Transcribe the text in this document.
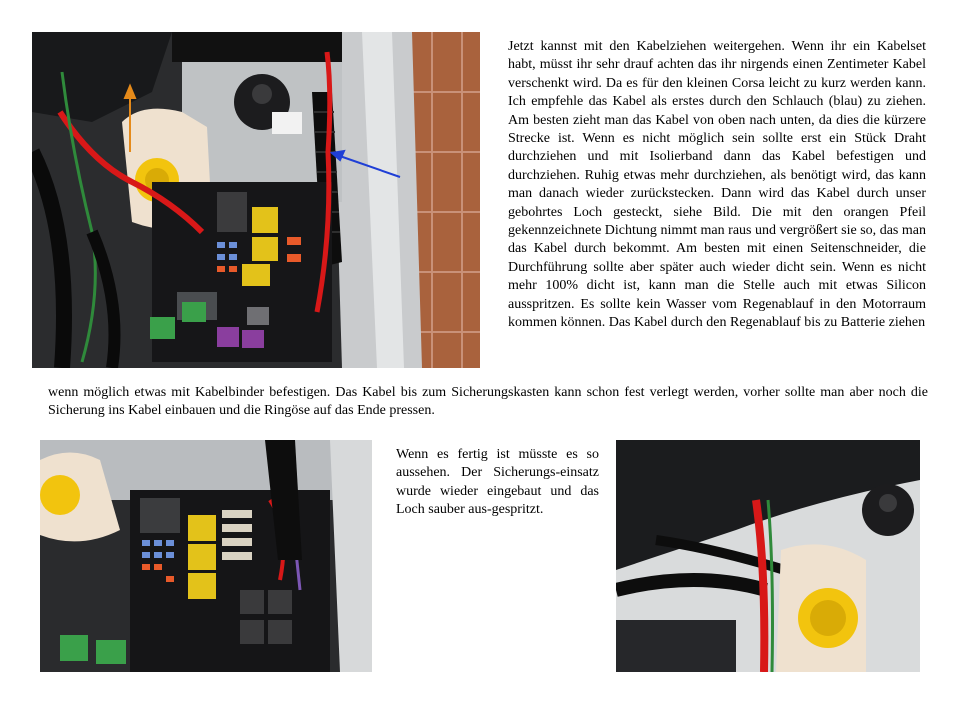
Jetzt kannst mit den Kabelziehen weitergehen. Wenn ihr ein Kabelset habt, müsst ihr sehr drauf achten das ihr nirgends einen Zentimeter Kabel verschenkt wird. Da es für den kleinen Corsa leicht zu kurz werden kann. Ich empfehle das Kabel als erstes durch den Schlauch (blau) zu ziehen. Am besten zieht man das Kabel von oben nach unten, da dies die kürzere Strecke ist. Wenn es nicht möglich sein sollte erst ein Stück Draht durchziehen und mit Isolierband dann das Kabel befestigen und durchziehen. Ruhig etwas mehr durchziehen, als benötigt wird, das kann man danach wieder zurückstecken. Dann wird das Kabel durch unser gebohrtes Loch gesteckt, siehe Bild. Die mit den orangen Pfeil gekennzeichnete Dichtung nimmt man raus und vergrößert sie so, das man das Kabel durch bekommt. Am besten mit einen Seitenschneider, die Durchführung sollte aber später auch wieder dicht sein. Wenn es nicht mehr 100% dicht ist, kann man die Stelle auch mit etwas Silicon ausspritzen. Es sollte kein Wasser vom Regenablauf in den Motorraum kommen können. Das Kabel durch den Regenablauf bis zu Batterie ziehen
wenn möglich etwas mit Kabelbinder befestigen. Das Kabel bis zum Sicherungskasten kann schon fest verlegt werden, vorher sollte man aber noch die Sicherung ins Kabel einbauen und die Ringöse auf das Ende pressen.
Wenn es fertig ist müsste es so aussehen. Der Sicherungs-einsatz wurde wieder eingebaut und das Loch sauber aus-gespritzt.
